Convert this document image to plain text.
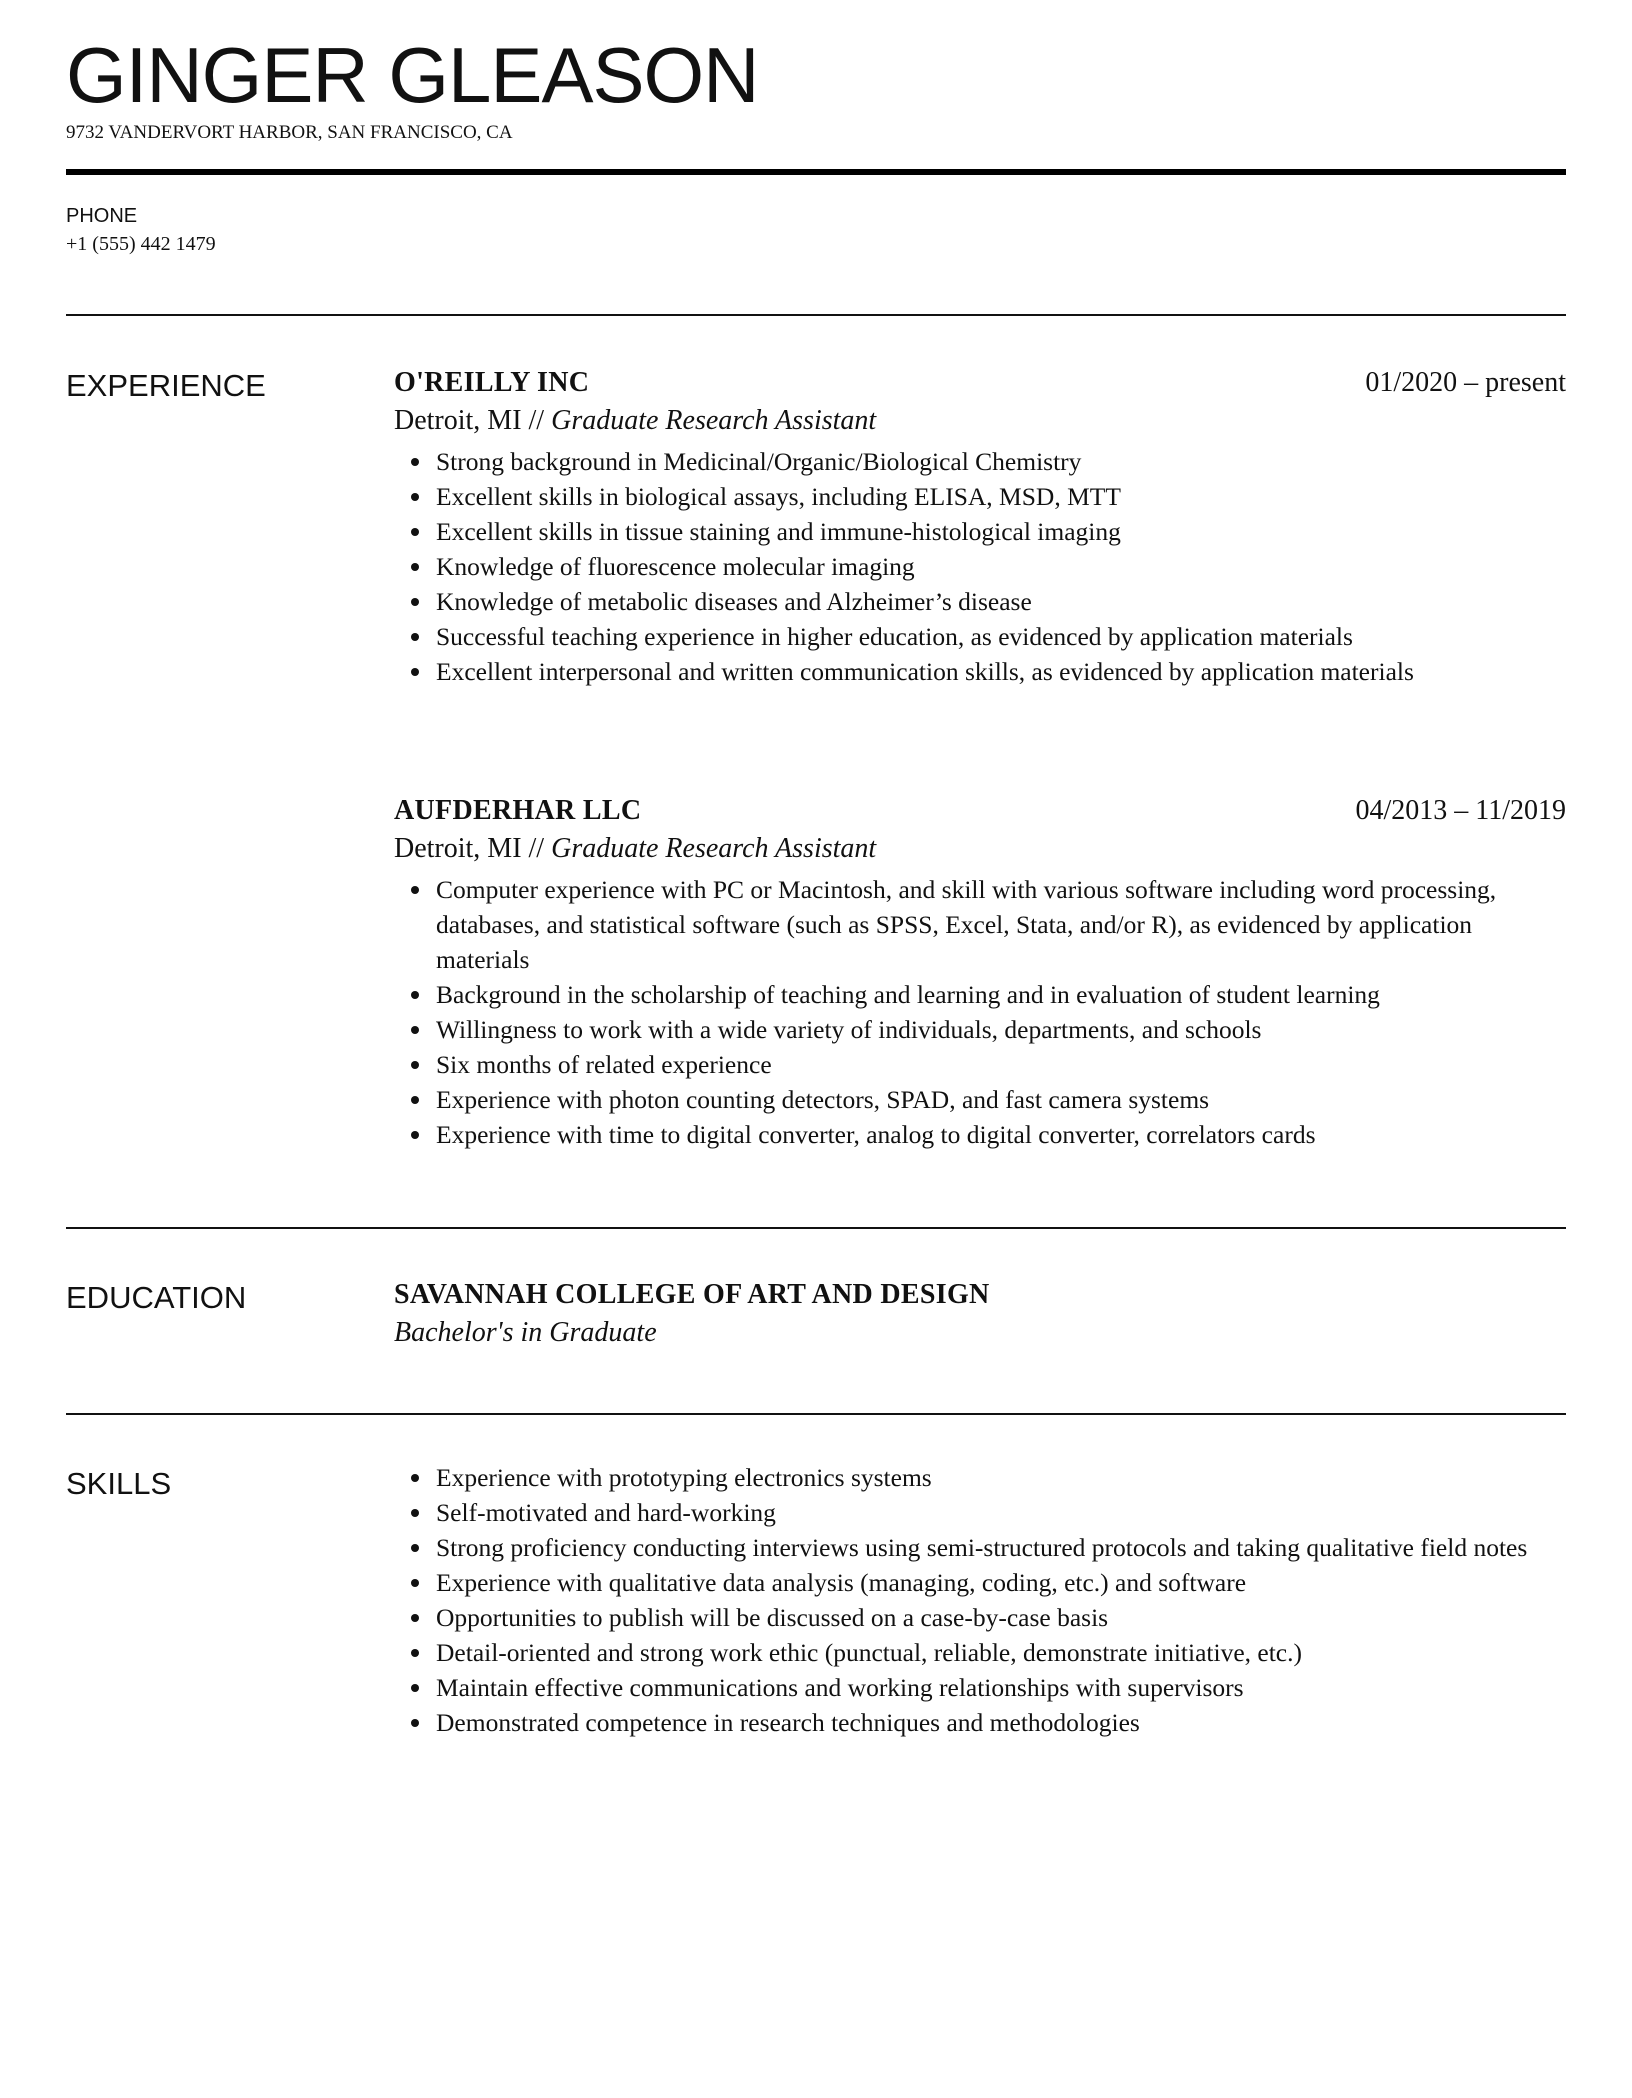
GINGER GLEASON
9732 VANDERVORT HARBOR, SAN FRANCISCO, CA
PHONE
+1 (555) 442 1479
EXPERIENCE	O'REILLY INC	01/2020 – present
Detroit, MI // Graduate Research Assistant
Strong background in Medicinal/Organic/Biological Chemistry
Excellent skills in biological assays, including ELISA, MSD, MTT
Excellent skills in tissue staining and immune-histological imaging
Knowledge of fluorescence molecular imaging
Knowledge of metabolic diseases and Alzheimer’s disease
Successful teaching experience in higher education, as evidenced by application materials
Excellent interpersonal and written communication skills, as evidenced by application materials
AUFDERHAR LLC	04/2013 – 11/2019
Detroit, MI // Graduate Research Assistant
Computer experience with PC or Macintosh, and skill with various software including word processing, databases, and statistical software (such as SPSS, Excel, Stata, and/or R), as evidenced by application materials
Background in the scholarship of teaching and learning and in evaluation of student learning
Willingness to work with a wide variety of individuals, departments, and schools
Six months of related experience
Experience with photon counting detectors, SPAD, and fast camera systems
Experience with time to digital converter, analog to digital converter, correlators cards
EDUCATION	SAVANNAH COLLEGE OF ART AND DESIGN
Bachelor's in Graduate
SKILLS	Experience with prototyping electronics systems
Self-motivated and hard-working
Strong proficiency conducting interviews using semi-structured protocols and taking qualitative field notes
Experience with qualitative data analysis (managing, coding, etc.) and software
Opportunities to publish will be discussed on a case-by-case basis
Detail-oriented and strong work ethic (punctual, reliable, demonstrate initiative, etc.)
Maintain effective communications and working relationships with supervisors
Demonstrated competence in research techniques and methodologies
